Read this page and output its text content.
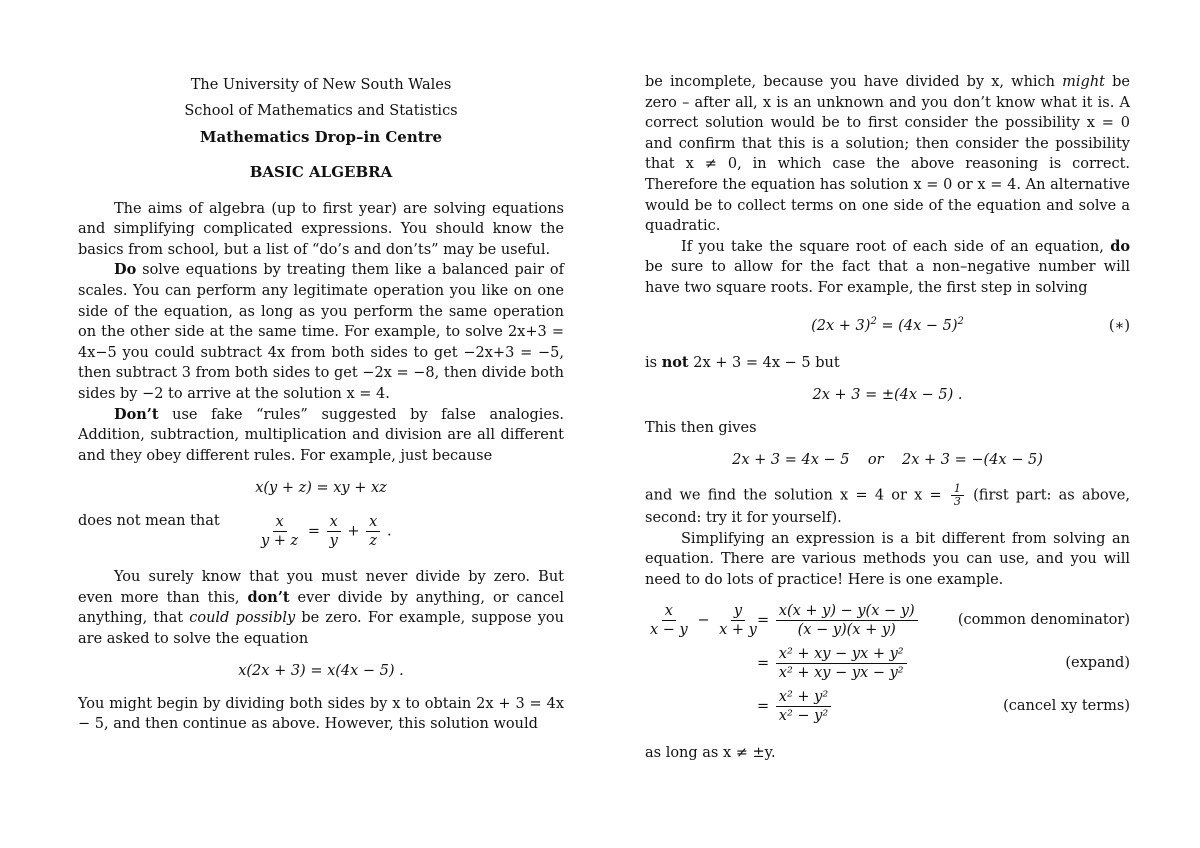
The University of New South Wales
School of Mathematics and Statistics
Mathematics Drop–in Centre
BASIC ALGEBRA

The aims of algebra (up to first year) are solving equations and simplifying complicated expressions. You should know the basics from school, but a list of “do’s and don’ts” may be useful.

Do solve equations by treating them like a balanced pair of scales. You can perform any legitimate operation you like on one side of the equation, as long as you perform the same operation on the other side at the same time. For example, to solve 2x+3 = 4x−5 you could subtract 4x from both sides to get −2x+3 = −5, then subtract 3 from both sides to get −2x = −8, then divide both sides by −2 to arrive at the solution x = 4.

Don’t use fake “rules” suggested by false analogies. Addition, subtraction, multiplication and division are all different and they obey different rules. For example, just because

x(y + z) = xy + xz
does not mean that	$\frac{x}{y + z} = \frac{x}{y} + \frac{x}{z}$ .

You surely know that you must never divide by zero. But even more than this, don’t ever divide by anything, or cancel anything, that could possibly be zero. For example, suppose you are asked to solve the equation

x(2x + 3) = x(4x − 5) .

You might begin by dividing both sides by x to obtain 2x + 3 = 4x − 5, and then continue as above. However, this solution would

be incomplete, because you have divided by x, which might be zero – after all, x is an unknown and you don’t know what it is. A correct solution would be to first consider the possibility x = 0 and confirm that this is a solution; then consider the possibility that x ≠ 0, in which case the above reasoning is correct. Therefore the equation has solution x = 0 or x = 4. An alternative would be to collect terms on one side of the equation and solve a quadratic.

If you take the square root of each side of an equation, do be sure to allow for the fact that a non–negative number will have two square roots. For example, the first step in solving

$(2x + 3)^2 = (4x - 5)^2$	(∗)

is not 2x + 3 = 4x − 5 but

2x + 3 = ±(4x − 5) .

This then gives

2x + 3 = 4x − 5    or    2x + 3 = −(4x − 5)

and we find the solution x = 4 or $x = \frac{1}{3}$ (first part: as above, second: try it for yourself).

Simplifying an expression is a bit different from solving an equation. There are various methods you can use, and you will need to do lots of practice! Here is one example.

$\frac{x}{x - y} - \frac{y}{x + y}$
= $\frac{x(x + y) - y(x - y)}{(x - y)(x + y)}$	(common denominator)
= $\frac{\text{x² + xy − yx + y²}}{\text{x² + xy − yx − y²}}$	(expand)
= $\frac{\text{x² + y²}}{\text{x² − y²}}$	(cancel xy terms)

as long as x ≠ ±y.
